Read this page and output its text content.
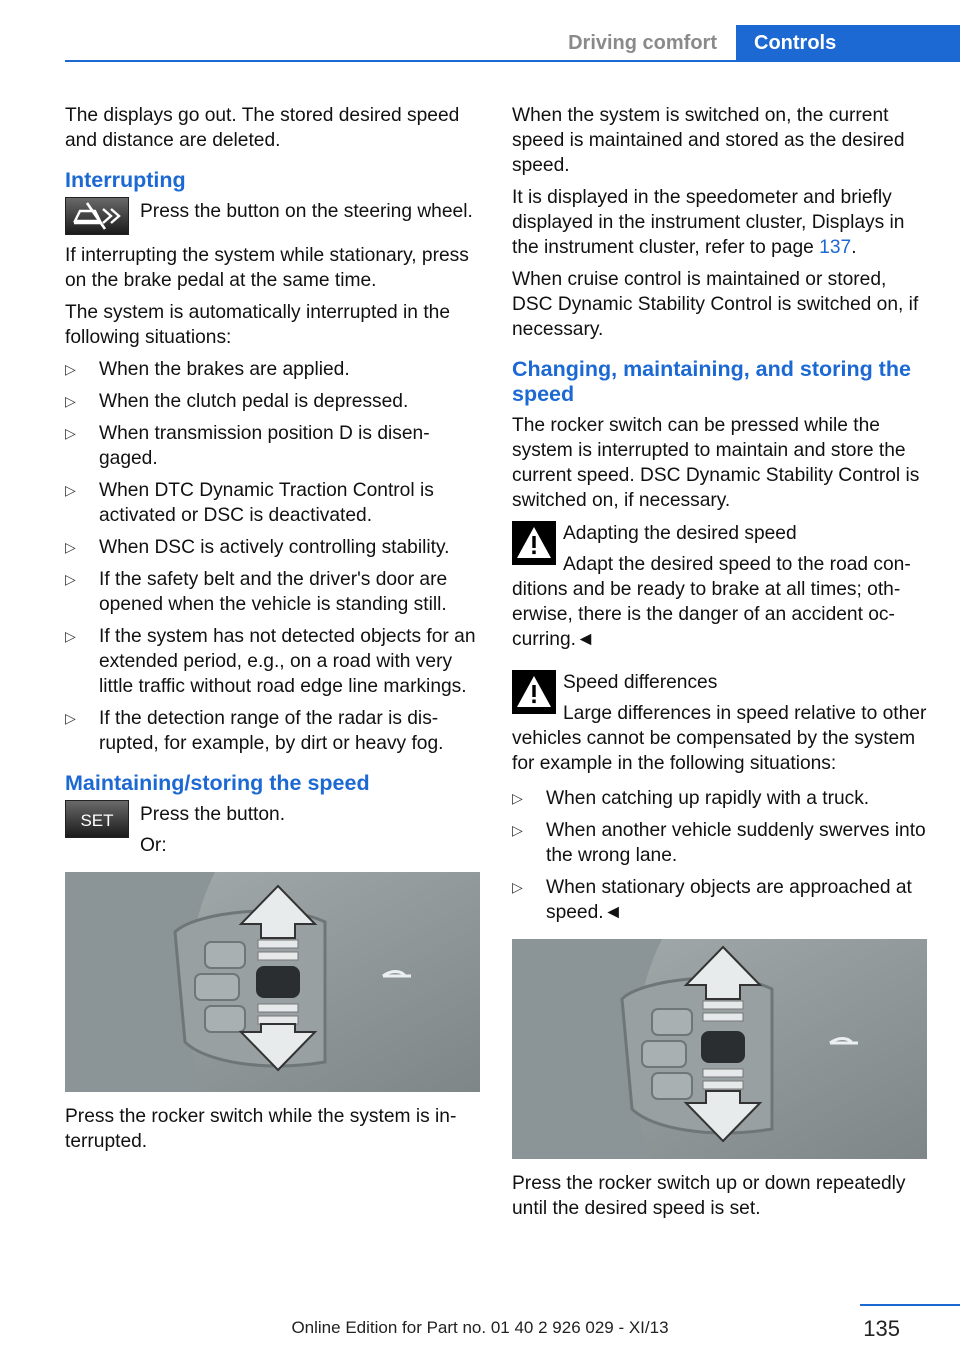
Driving comfort	Controls

The displays go out. The stored desired speed and distance are deleted.

Interrupting
Press the button on the steering wheel.

If interrupting the system while stationary, press on the brake pedal at the same time.

The system is automatically interrupted in the following situations:

▷ When the brakes are applied.
▷ When the clutch pedal is depressed.
▷ When transmission position D is disen‐gaged.
▷ When DTC Dynamic Traction Control is activated or DSC is deactivated.
▷ When DSC is actively controlling stability.
▷ If the safety belt and the driver's door are opened when the vehicle is standing still.
▷ If the system has not detected objects for an extended period, e.g., on a road with very little traffic without road edge line markings.
▷ If the detection range of the radar is dis‐rupted, for example, by dirt or heavy fog.
Maintaining/storing the speed
SET Press the button.
Or:

Press the rocker switch while the system is in‐terrupted.

When the system is switched on, the current speed is maintained and stored as the desired speed.

It is displayed in the speedometer and briefly displayed in the instrument cluster, Displays in the instrument cluster, refer to page 137.

When cruise control is maintained or stored, DSC Dynamic Stability Control is switched on, if necessary.

Changing, maintaining, and storing the speed

The rocker switch can be pressed while the system is interrupted to maintain and store the current speed. DSC Dynamic Stability Control is switched on, if necessary.

Adapting the desired speed
Adapt the desired speed to the road con‐ditions and be ready to brake at all times; oth‐erwise, there is the danger of an accident oc‐curring.◄
Speed differences
Large differences in speed relative to other vehicles cannot be compensated by the system for example in the following situations:
▷ When catching up rapidly with a truck.
▷ When another vehicle suddenly swerves into the wrong lane.
▷ When stationary objects are approached at speed.◄

Press the rocker switch up or down repeatedly until the desired speed is set.

135
Online Edition for Part no. 01 40 2 926 029 - XI/13
